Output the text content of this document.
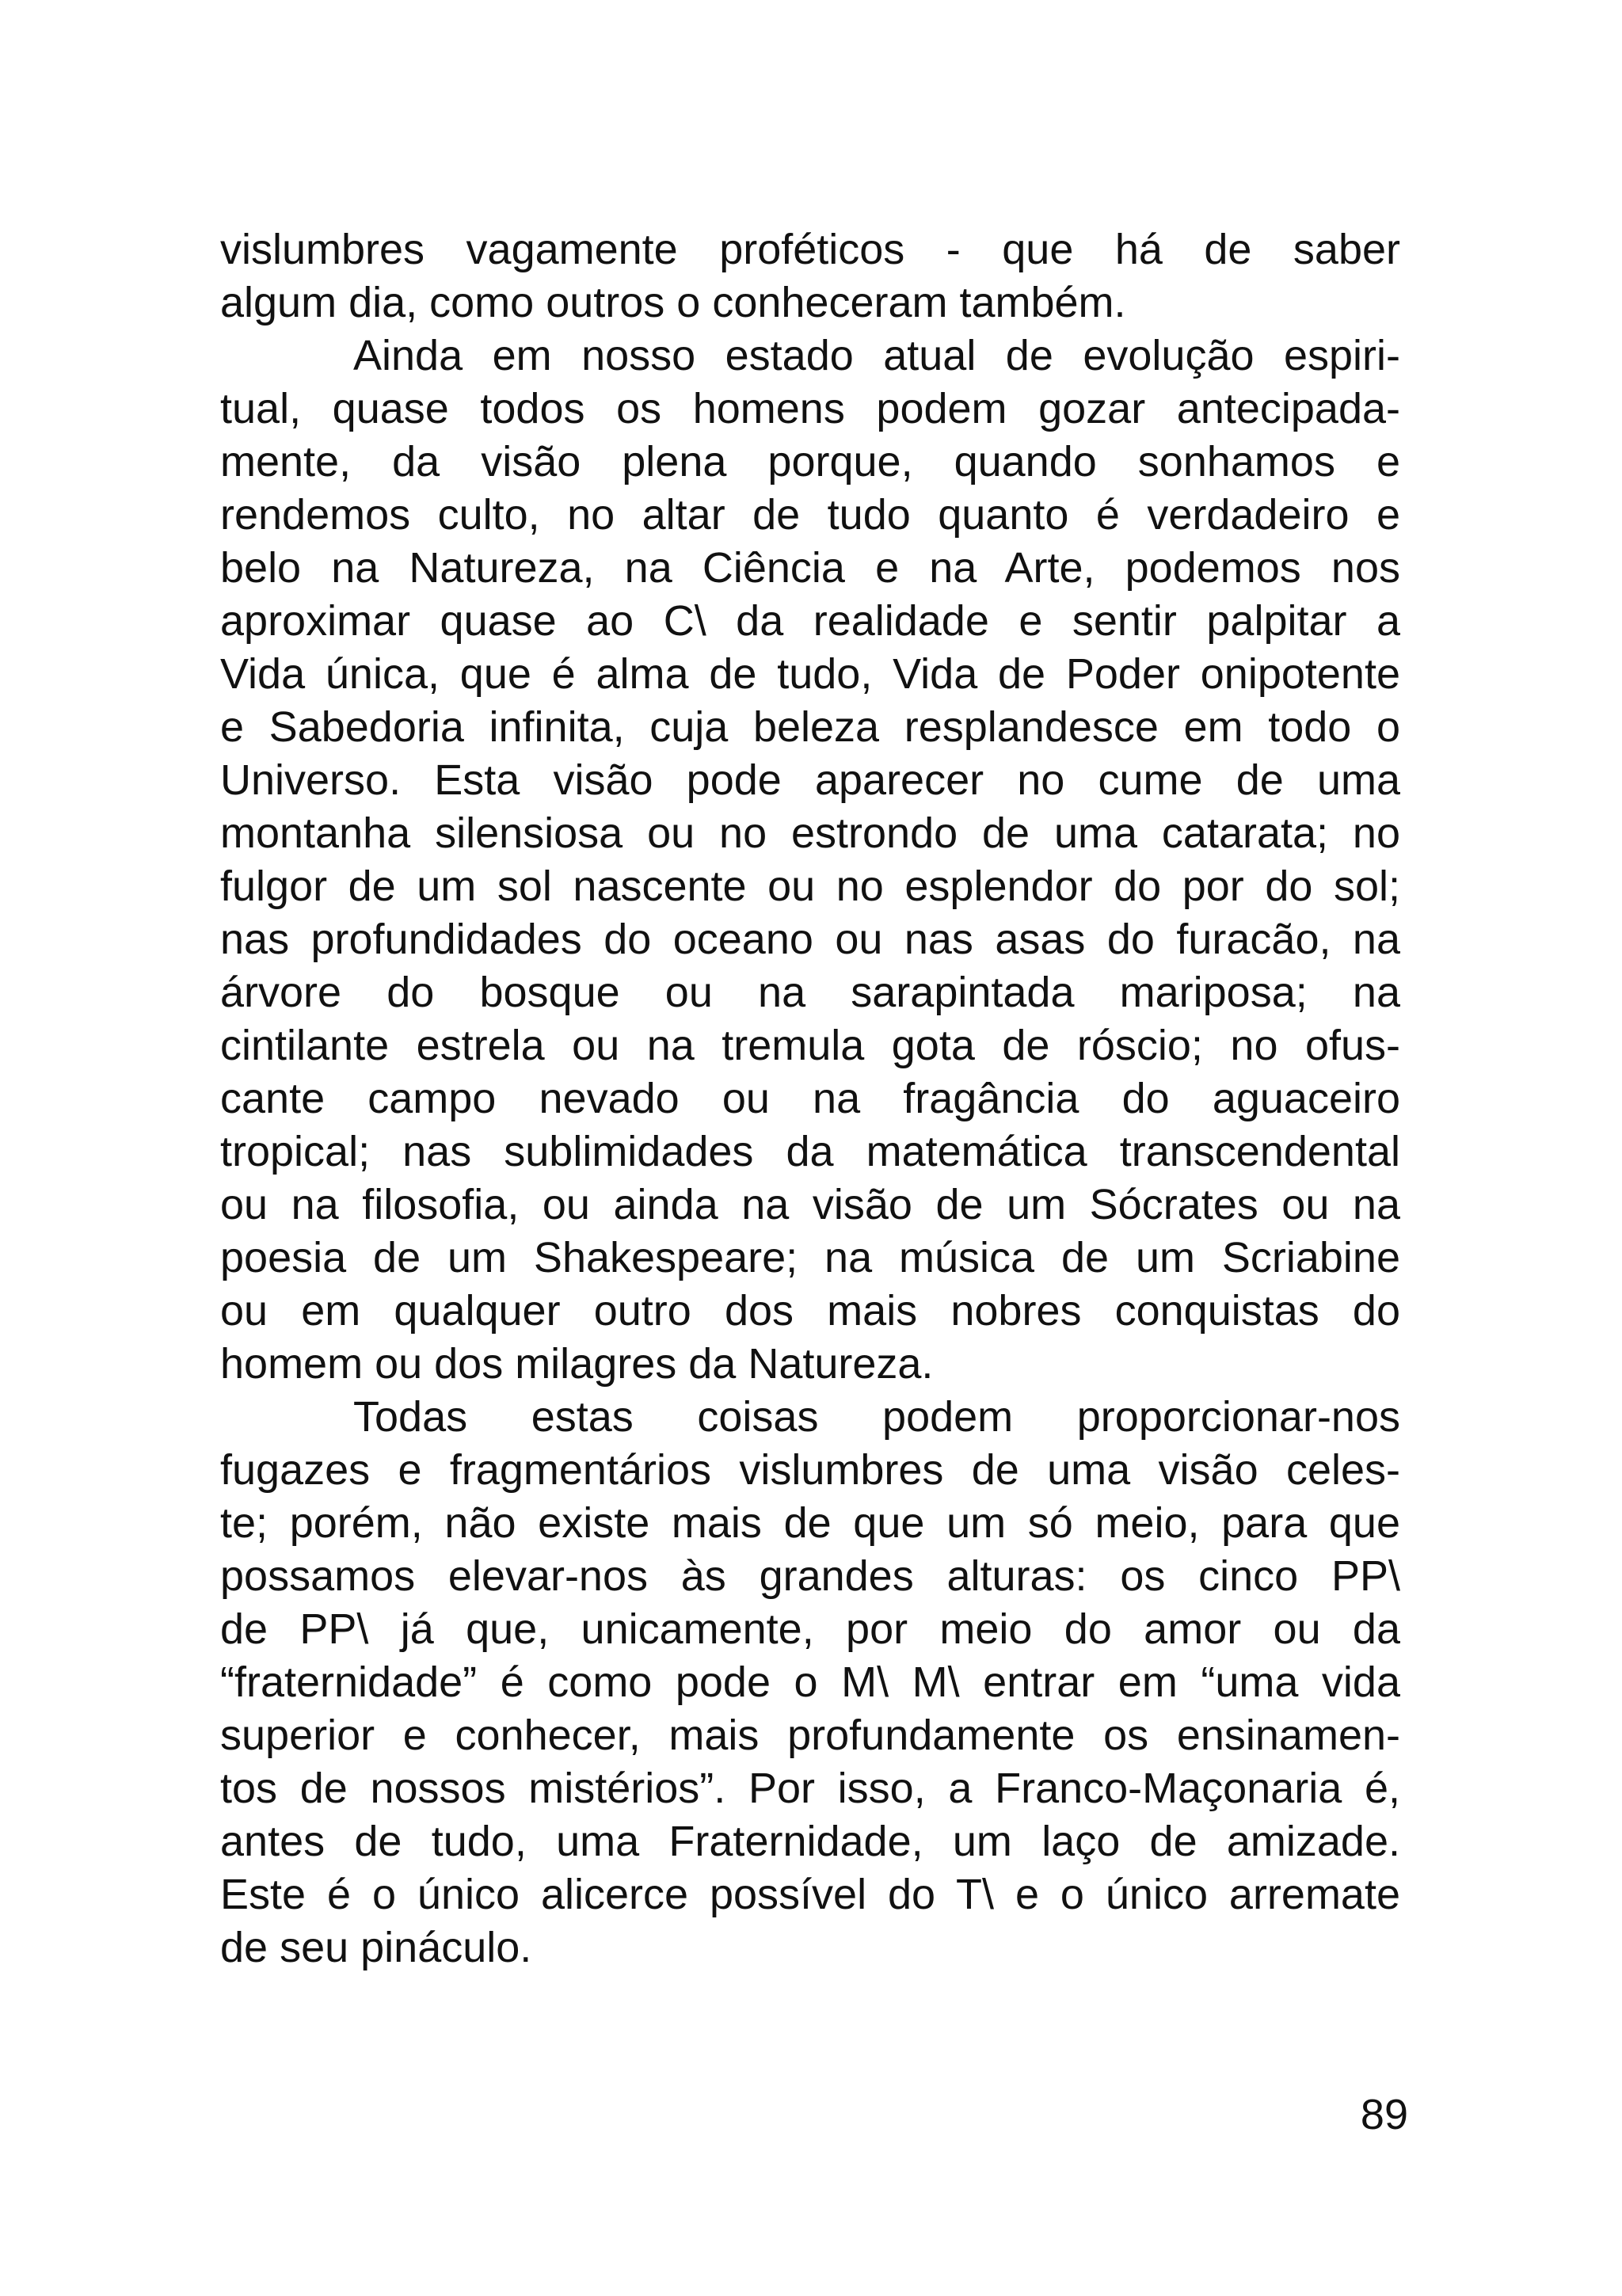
vislumbres vagamente proféticos - que há de saber
algum dia, como outros o conheceram também.
Ainda em nosso estado atual de evolução espiri-
tual, quase todos os homens podem gozar antecipada-
mente, da visão plena porque, quando sonhamos e
rendemos culto, no altar de tudo quanto é verdadeiro e
belo na Natureza, na Ciência e na Arte, podemos nos
aproximar quase ao C\ da realidade e sentir palpitar a
Vida única, que é alma de tudo, Vida de Poder onipotente
e Sabedoria infinita, cuja beleza resplandesce em todo o
Universo. Esta visão pode aparecer no cume de uma
montanha silensiosa ou no estrondo de uma catarata; no
fulgor de um sol nascente ou no esplendor do por do sol;
nas profundidades do oceano ou nas asas do furacão, na
árvore do bosque ou na sarapintada mariposa; na
cintilante estrela ou na tremula gota de róscio; no ofus-
cante campo nevado ou na fragância do aguaceiro
tropical; nas sublimidades da matemática transcendental
ou na filosofia, ou ainda na visão de um Sócrates ou na
poesia de um Shakespeare; na música de um Scriabine
ou em qualquer outro dos mais nobres conquistas do
homem ou dos milagres da Natureza.
Todas estas coisas podem proporcionar-nos
fugazes e fragmentários vislumbres de uma visão celes-
te; porém, não existe mais de que um só meio, para que
possamos elevar-nos às grandes alturas: os cinco PP\
de PP\ já que, unicamente, por meio do amor ou da
“fraternidade” é como pode o M\ M\ entrar em “uma vida
superior e conhecer, mais profundamente os ensinamen-
tos de nossos mistérios”. Por isso, a Franco-Maçonaria é,
antes de tudo, uma Fraternidade, um laço de amizade.
Este é o único alicerce possível do T\ e o único arremate
de seu pináculo.
89
